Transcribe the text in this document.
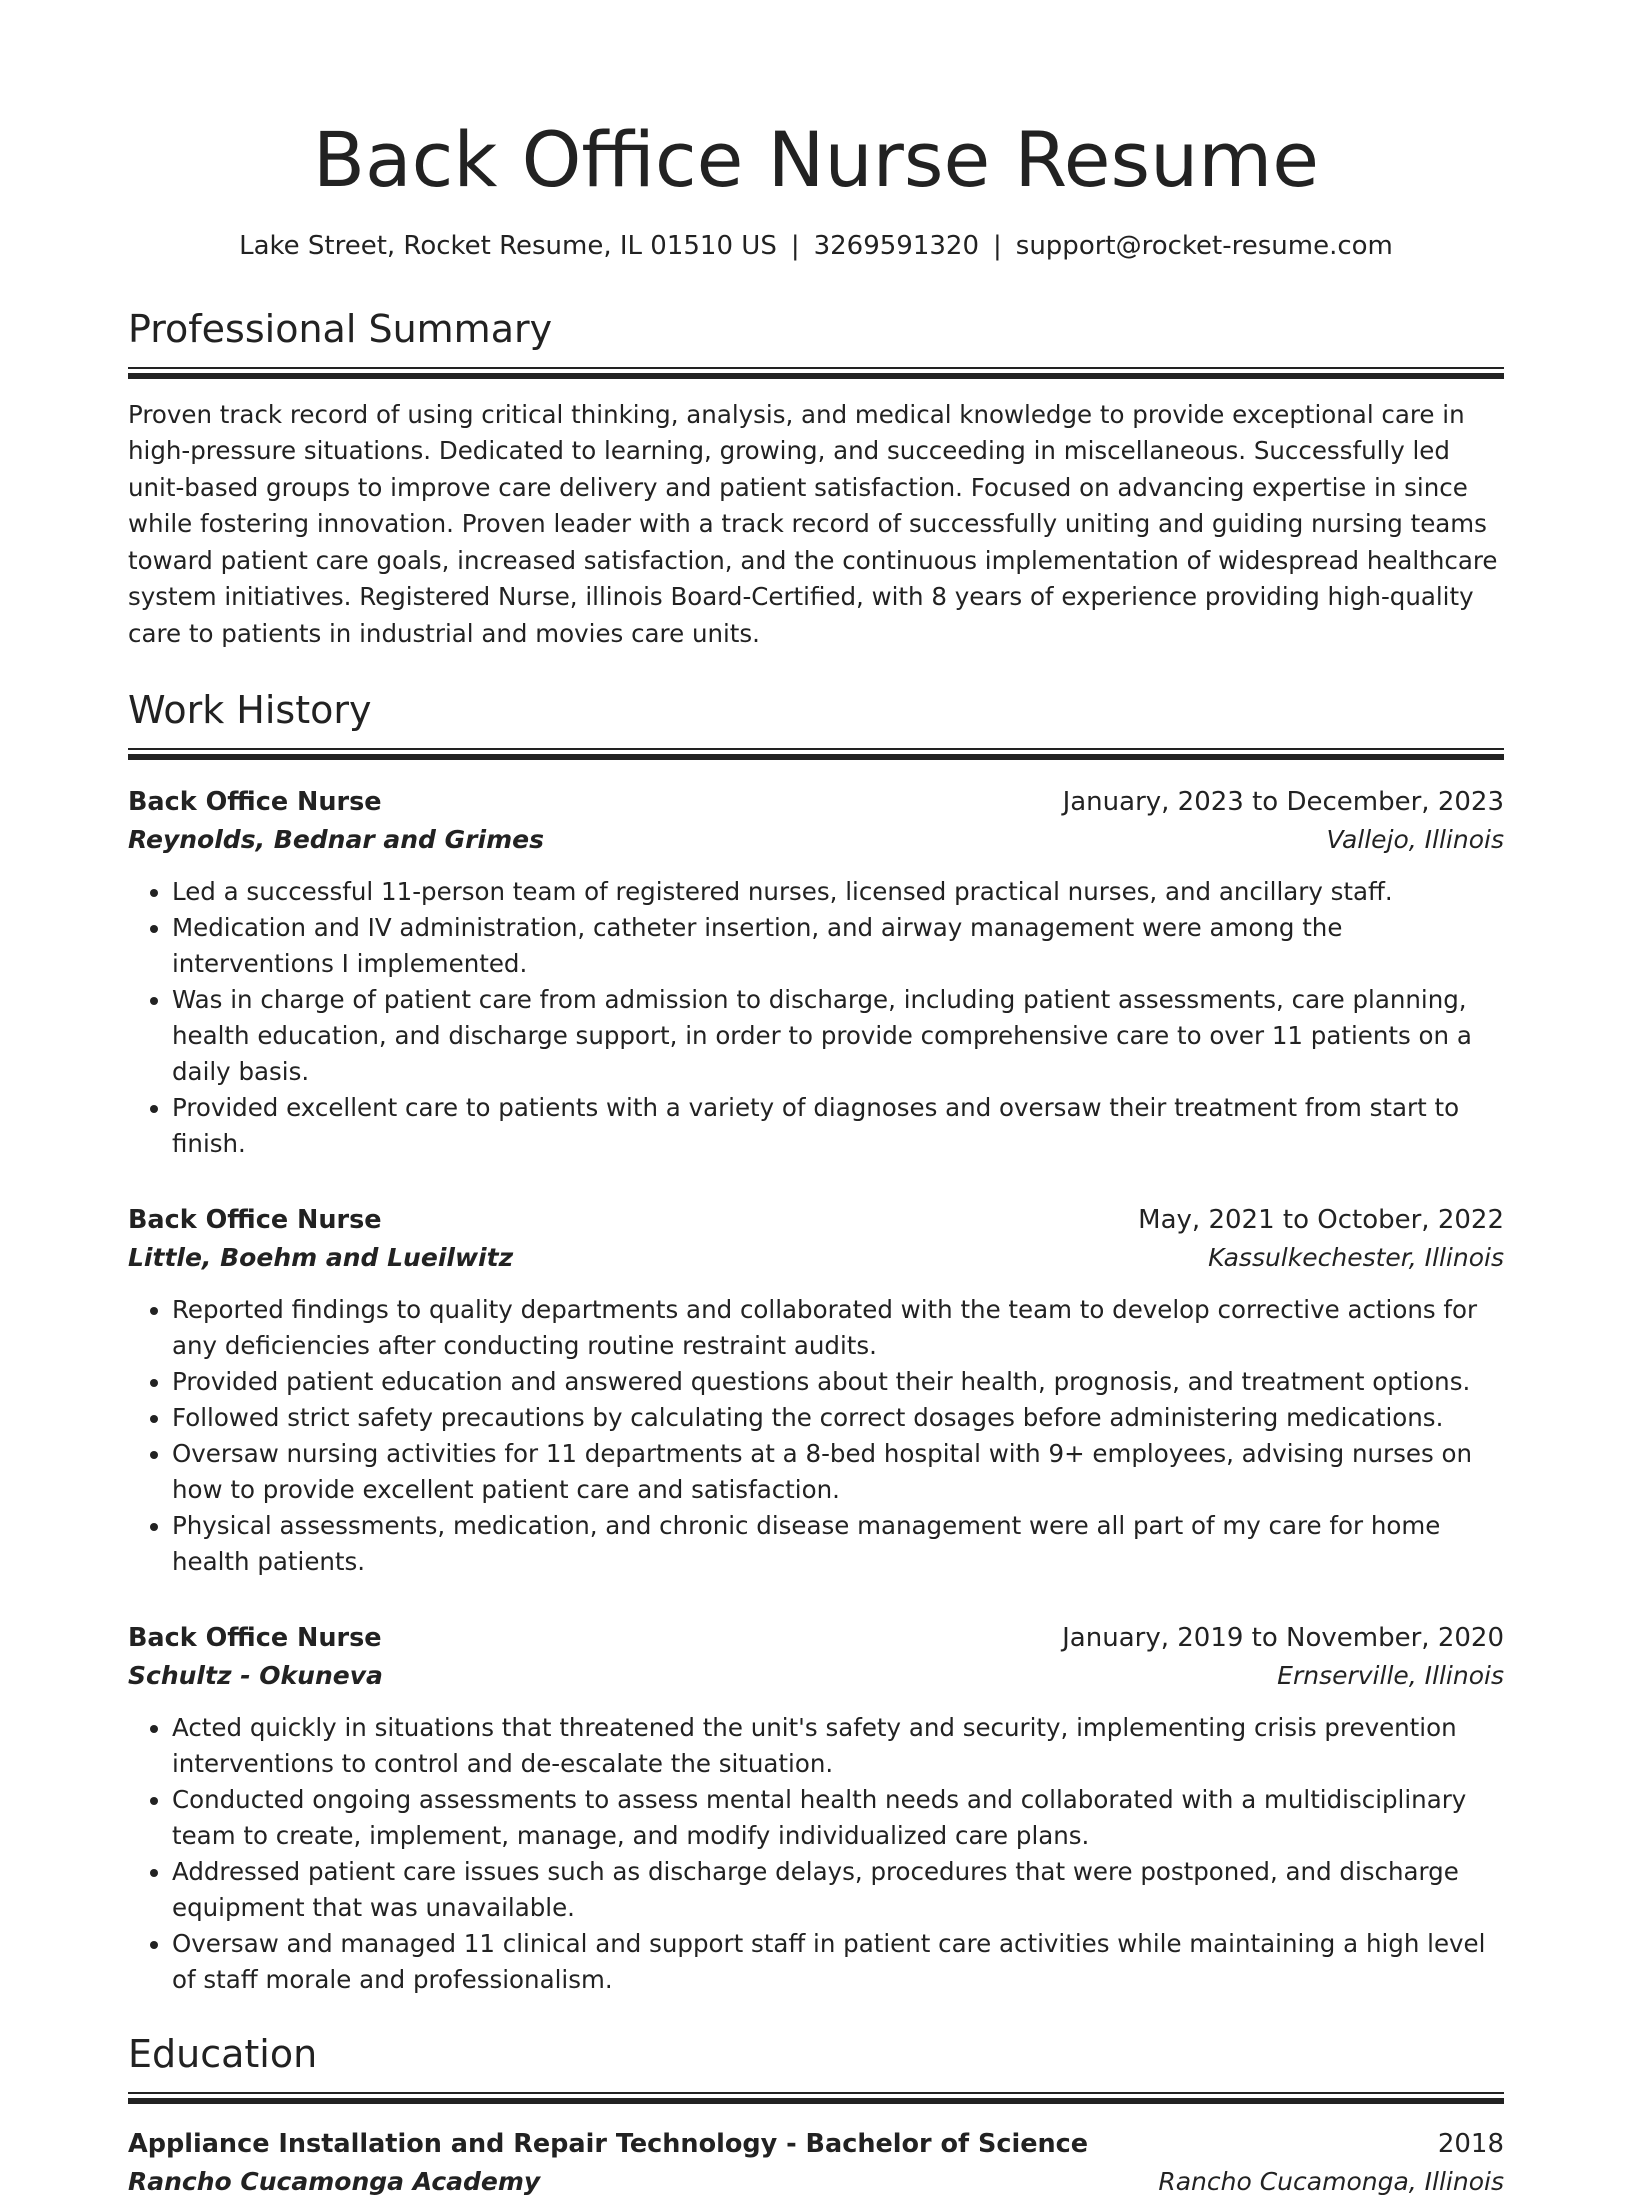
Back Office Nurse Resume
Lake Street, Rocket Resume, IL 01510 US | 3269591320 | support@rocket-resume.com
Professional Summary

Proven track record of using critical thinking, analysis, and medical knowledge to provide exceptional care in high-pressure situations. Dedicated to learning, growing, and succeeding in miscellaneous. Successfully led unit-based groups to improve care delivery and patient satisfaction. Focused on advancing expertise in since while fostering innovation. Proven leader with a track record of successfully uniting and guiding nursing teams toward patient care goals, increased satisfaction, and the continuous implementation of widespread healthcare system initiatives. Registered Nurse, illinois Board-Certified, with 8 years of experience providing high-quality care to patients in industrial and movies care units.

Work History
Back Office Nurse	January, 2023 to December, 2023
Reynolds, Bednar and Grimes	Vallejo, Illinois
• Led a successful 11-person team of registered nurses, licensed practical nurses, and ancillary staff.
• Medication and IV administration, catheter insertion, and airway management were among the interventions I implemented.
• Was in charge of patient care from admission to discharge, including patient assessments, care planning, health education, and discharge support, in order to provide comprehensive care to over 11 patients on a daily basis.
• Provided excellent care to patients with a variety of diagnoses and oversaw their treatment from start to finish.
Back Office Nurse	May, 2021 to October, 2022
Little, Boehm and Lueilwitz	Kassulkechester, Illinois
• Reported findings to quality departments and collaborated with the team to develop corrective actions for any deficiencies after conducting routine restraint audits.
• Provided patient education and answered questions about their health, prognosis, and treatment options.
• Followed strict safety precautions by calculating the correct dosages before administering medications.
• Oversaw nursing activities for 11 departments at a 8-bed hospital with 9+ employees, advising nurses on how to provide excellent patient care and satisfaction.
• Physical assessments, medication, and chronic disease management were all part of my care for home health patients.
Back Office Nurse	January, 2019 to November, 2020
Schultz - Okuneva	Ernserville, Illinois
• Acted quickly in situations that threatened the unit's safety and security, implementing crisis prevention interventions to control and de-escalate the situation.
• Conducted ongoing assessments to assess mental health needs and collaborated with a multidisciplinary team to create, implement, manage, and modify individualized care plans.
• Addressed patient care issues such as discharge delays, procedures that were postponed, and discharge equipment that was unavailable.
• Oversaw and managed 11 clinical and support staff in patient care activities while maintaining a high level of staff morale and professionalism.
Education
Appliance Installation and Repair Technology - Bachelor of Science	2018
Rancho Cucamonga Academy	Rancho Cucamonga, Illinois
